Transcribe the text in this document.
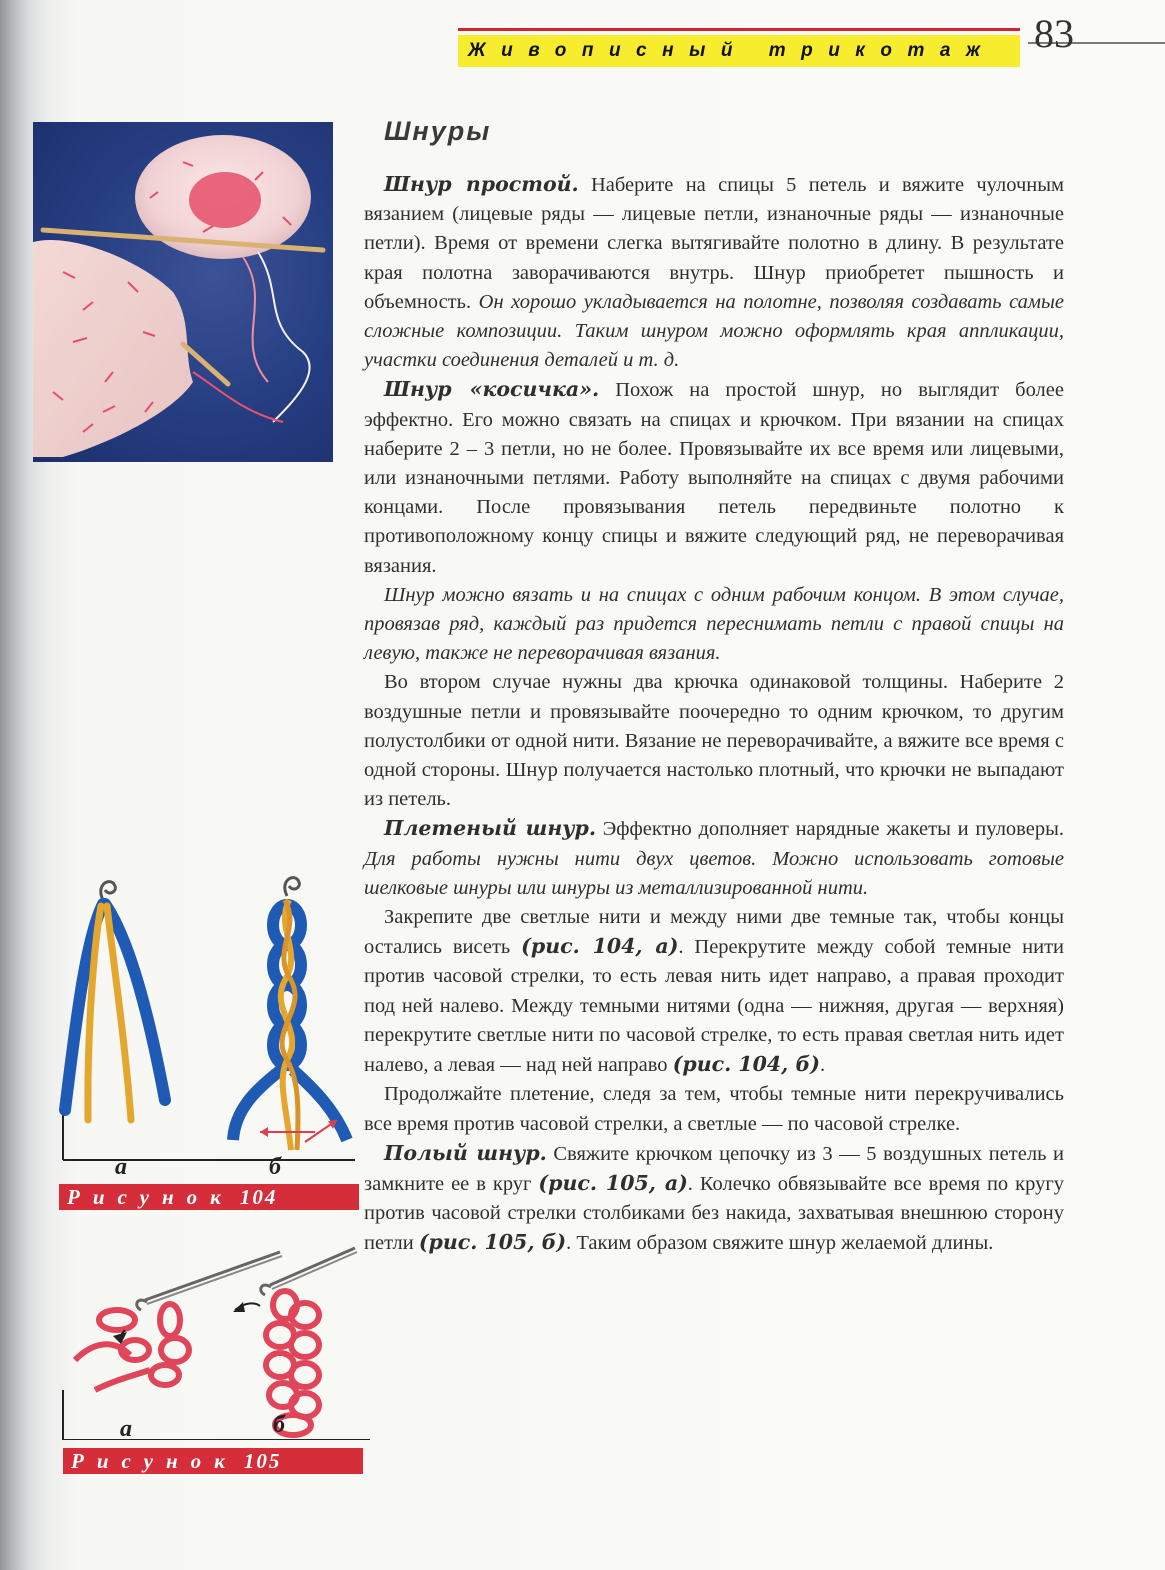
Живописный трикотаж 83
Шнуры

Шнур простой. Наберите на спицы 5 петель и вяжите чулочным вязанием (лицевые ряды — лицевые петли, изнаночные ряды — изнаночные петли). Время от времени слегка вытягивайте полотно в длину. В результате края полотна заворачиваются внутрь. Шнур приобретет пышность и объемность. Он хорошо укладывается на полотне, позволяя создавать самые сложные композиции. Таким шнуром можно оформлять края аппликации, участки соединения деталей и т. д.

Шнур «косичка». Похож на простой шнур, но выглядит более эффектно. Его можно связать на спицах и крючком. При вязании на спицах наберите 2 – 3 петли, но не более. Провязывайте их все время или лицевыми, или изнаночными петлями. Работу выполняйте на спицах с двумя рабочими концами. После провязывания петель передвиньте полотно к противоположному концу спицы и вяжите следующий ряд, не переворачивая вязания.

Шнур можно вязать и на спицах с одним рабочим концом. В этом случае, провязав ряд, каждый раз придется переснимать петли с правой спицы на левую, также не переворачивая вязания.

Во втором случае нужны два крючка одинаковой толщины. Наберите 2 воздушные петли и провязывайте поочередно то одним крючком, то другим полустолбики от одной нити. Вязание не переворачивайте, а вяжите все время с одной стороны. Шнур получается настолько плотный, что крючки не выпадают из петель.

Плетеный шнур. Эффектно дополняет нарядные жакеты и пуловеры. Для работы нужны нити двух цветов. Можно использовать готовые шелковые шнуры или шнуры из металлизированной нити.

Закрепите две светлые нити и между ними две темные так, чтобы концы остались висеть (рис. 104, а). Перекрутите между собой темные нити против часовой стрелки, то есть левая нить идет направо, а правая проходит под ней налево. Между темными нитями (одна — нижняя, другая — верхняя) перекрутите светлые нити по часовой стрелке, то есть правая светлая нить идет налево, а левая — над ней направо (рис. 104, б).

Продолжайте плетение, следя за тем, чтобы темные нити перекручивались все время против часовой стрелки, а светлые — по часовой стрелке.

Полый шнур. Свяжите крючком цепочку из 3 — 5 воздушных петель и замкните ее в круг (рис. 105, а). Колечко обвязывайте все время по кругу против часовой стрелки столбиками без накида, захватывая внешнюю сторону петли (рис. 105, б). Таким образом свяжите шнур желаемой длины.

а	б
Рисунок 104
а	б
Рисунок 105
